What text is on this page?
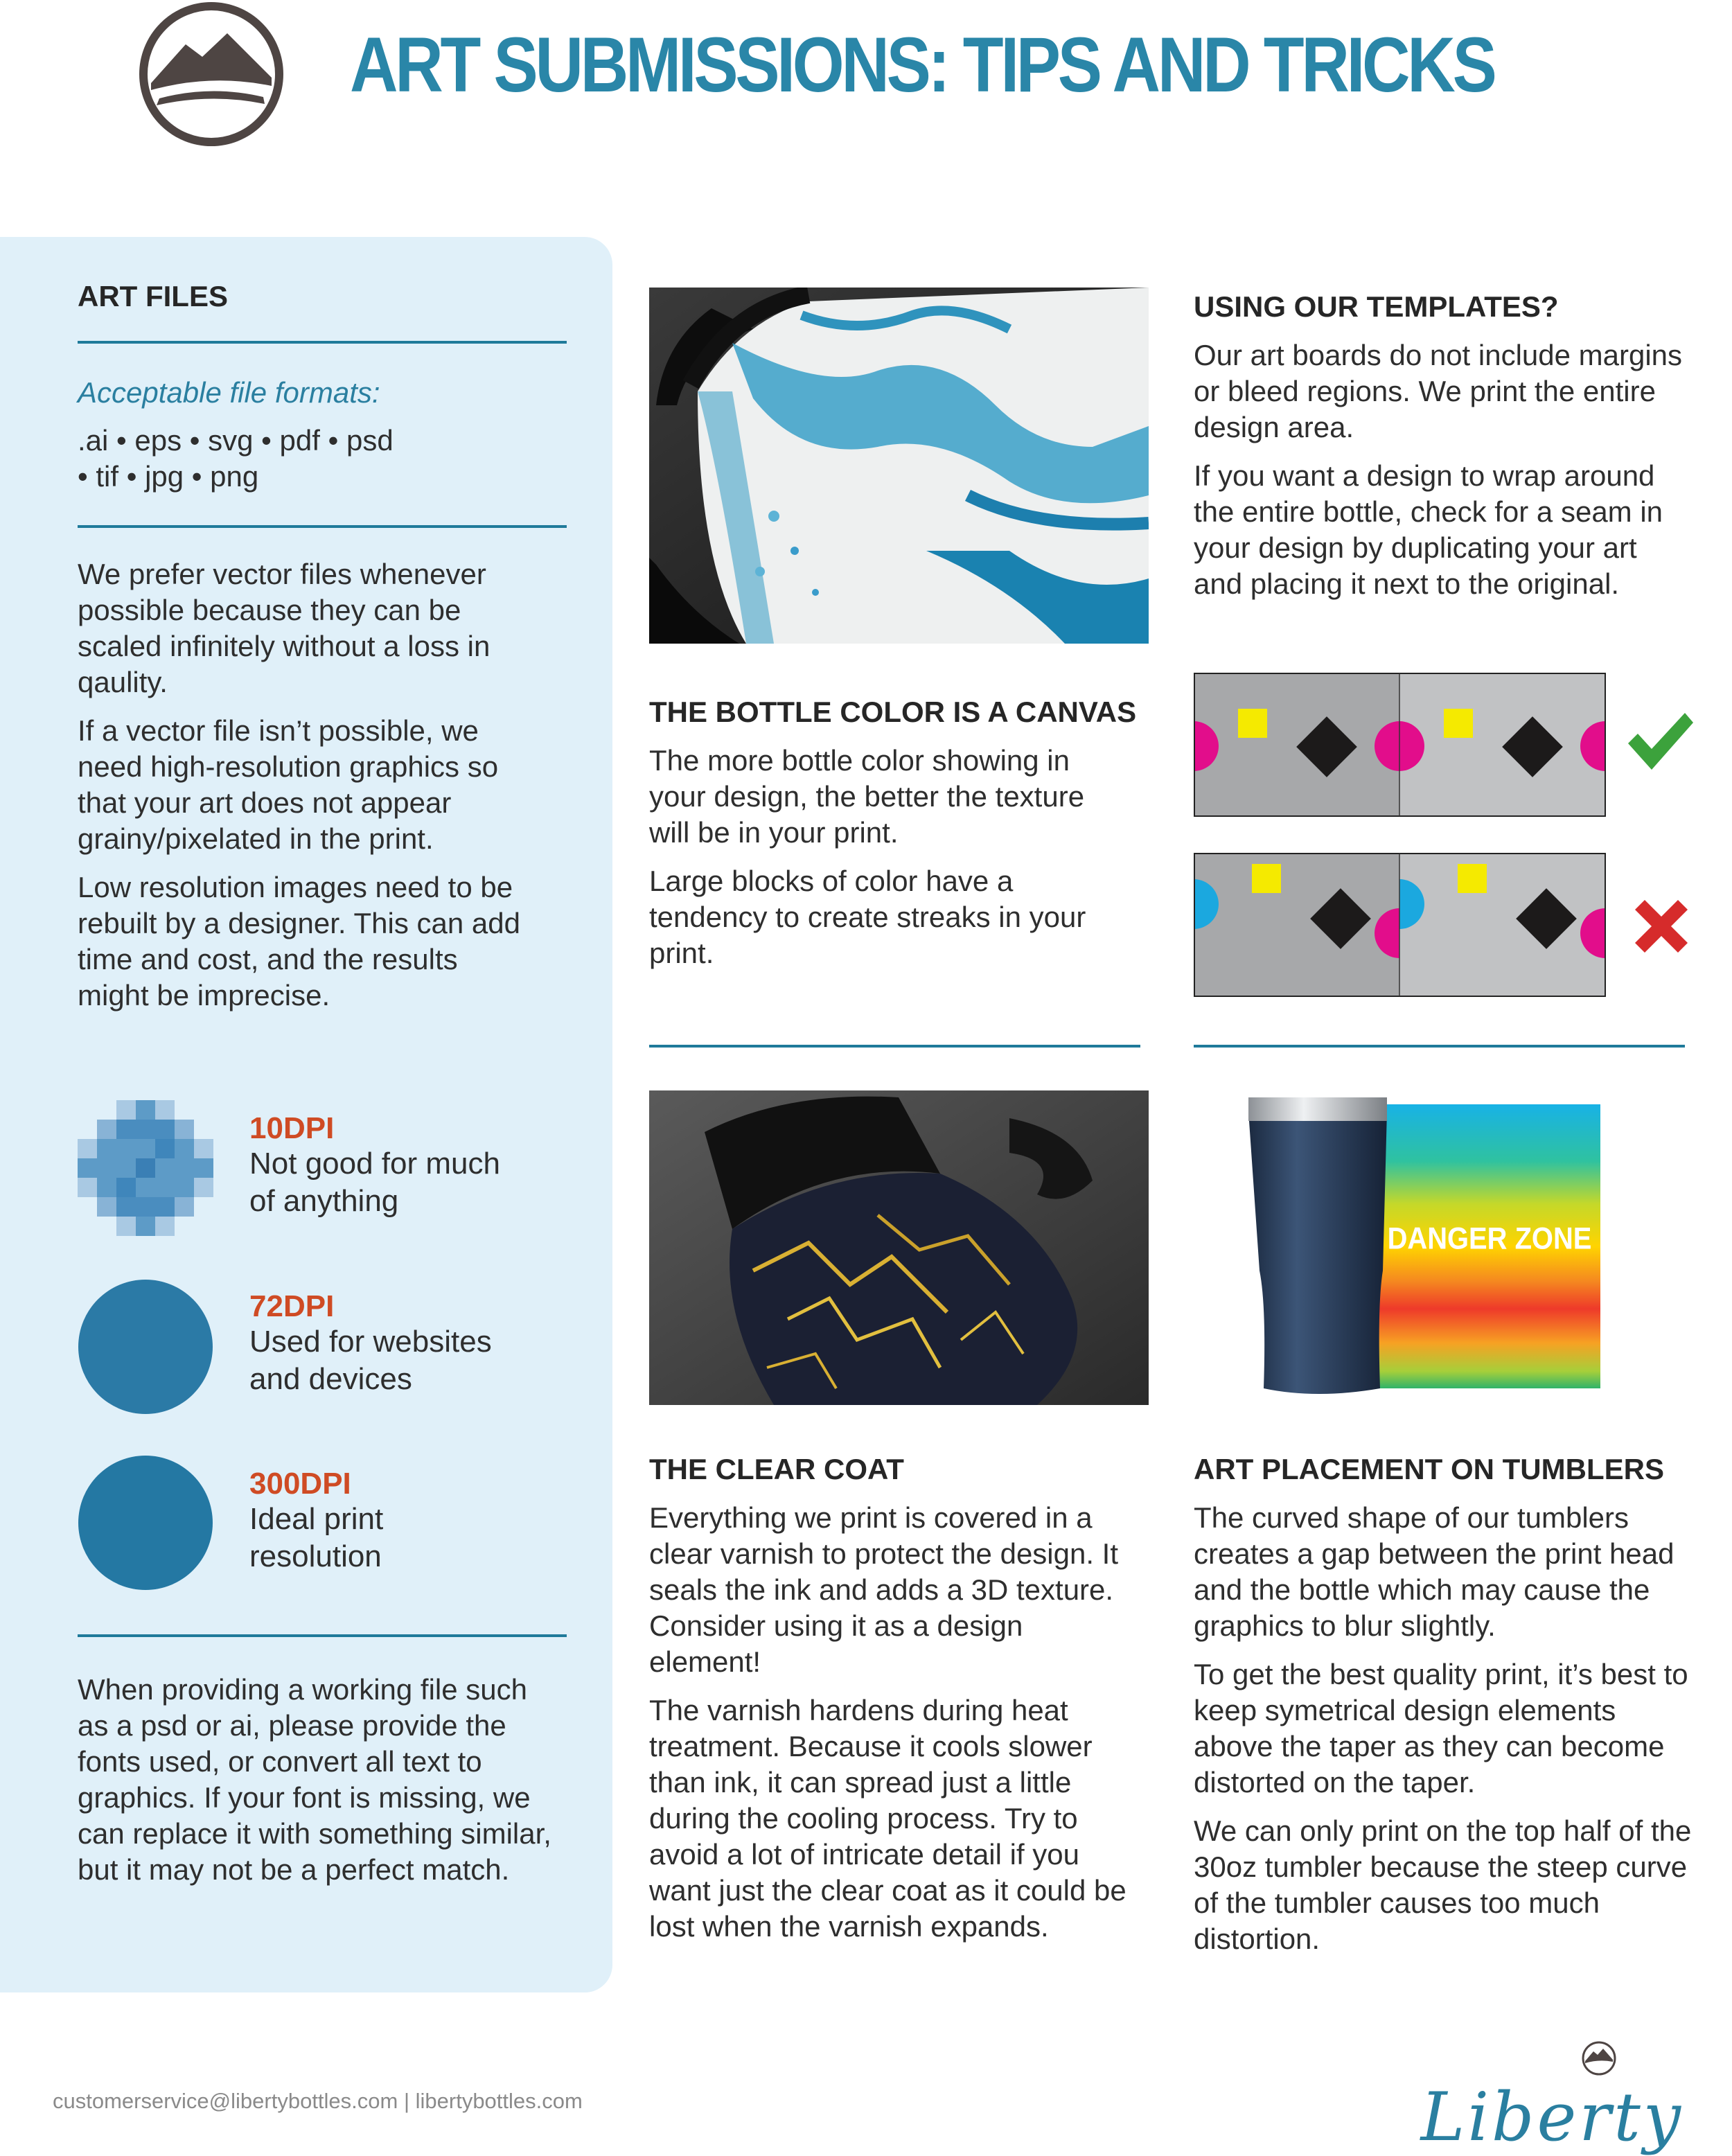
ART SUBMISSIONS: TIPS AND TRICKS
ART FILES
Acceptable file formats:
.ai • eps • svg • pdf • psd
• tif • jpg • png

We prefer vector files whenever possible because they can be scaled infinitely without a loss in qaulity.

If a vector file isn’t possible, we need high-resolution graphics so that your art does not appear grainy/pixelated in the print.

Low resolution images need to be rebuilt by a designer. This can add time and cost, and the results might be imprecise.

10DPI
Not good for much
of anything
72DPI
Used for websites
and devices
300DPI
Ideal print
resolution
When providing a working file such as a psd or ai, please provide the fonts used, or convert all text to graphics. If your font is missing, we can replace it with something similar, but it may not be a perfect match.
THE BOTTLE COLOR IS A CANVAS

The more bottle color showing in your design, the better the texture will be in your print.

Large blocks of color have a tendency to create streaks in your print.

USING OUR TEMPLATES?

Our art boards do not include margins or bleed regions. We print the entire design area.

If you want a design to wrap around the entire bottle, check for a seam in your design by duplicating your art and placing it next to the original.

THE CLEAR COAT

Everything we print is covered in a clear varnish to protect the design. It seals the ink and adds a 3D texture. Consider using it as a design element!

The varnish hardens during heat treatment. Because it cools slower than ink, it can spread just a little during the cooling process. Try to avoid a lot of intricate detail if you want just the clear coat as it could be lost when the varnish expands.

DANGER ZONE
ART PLACEMENT ON TUMBLERS

The curved shape of our tumblers creates a gap between the print head and the bottle which may cause the graphics to blur slightly.

To get the best quality print, it’s best to keep symetrical design elements above the taper as they can become distorted on the taper.

We can only print on the top half of the 30oz tumbler because the steep curve of the tumbler causes too much distortion.

customerservice@libertybottles.com | libertybottles.com	Liberty
